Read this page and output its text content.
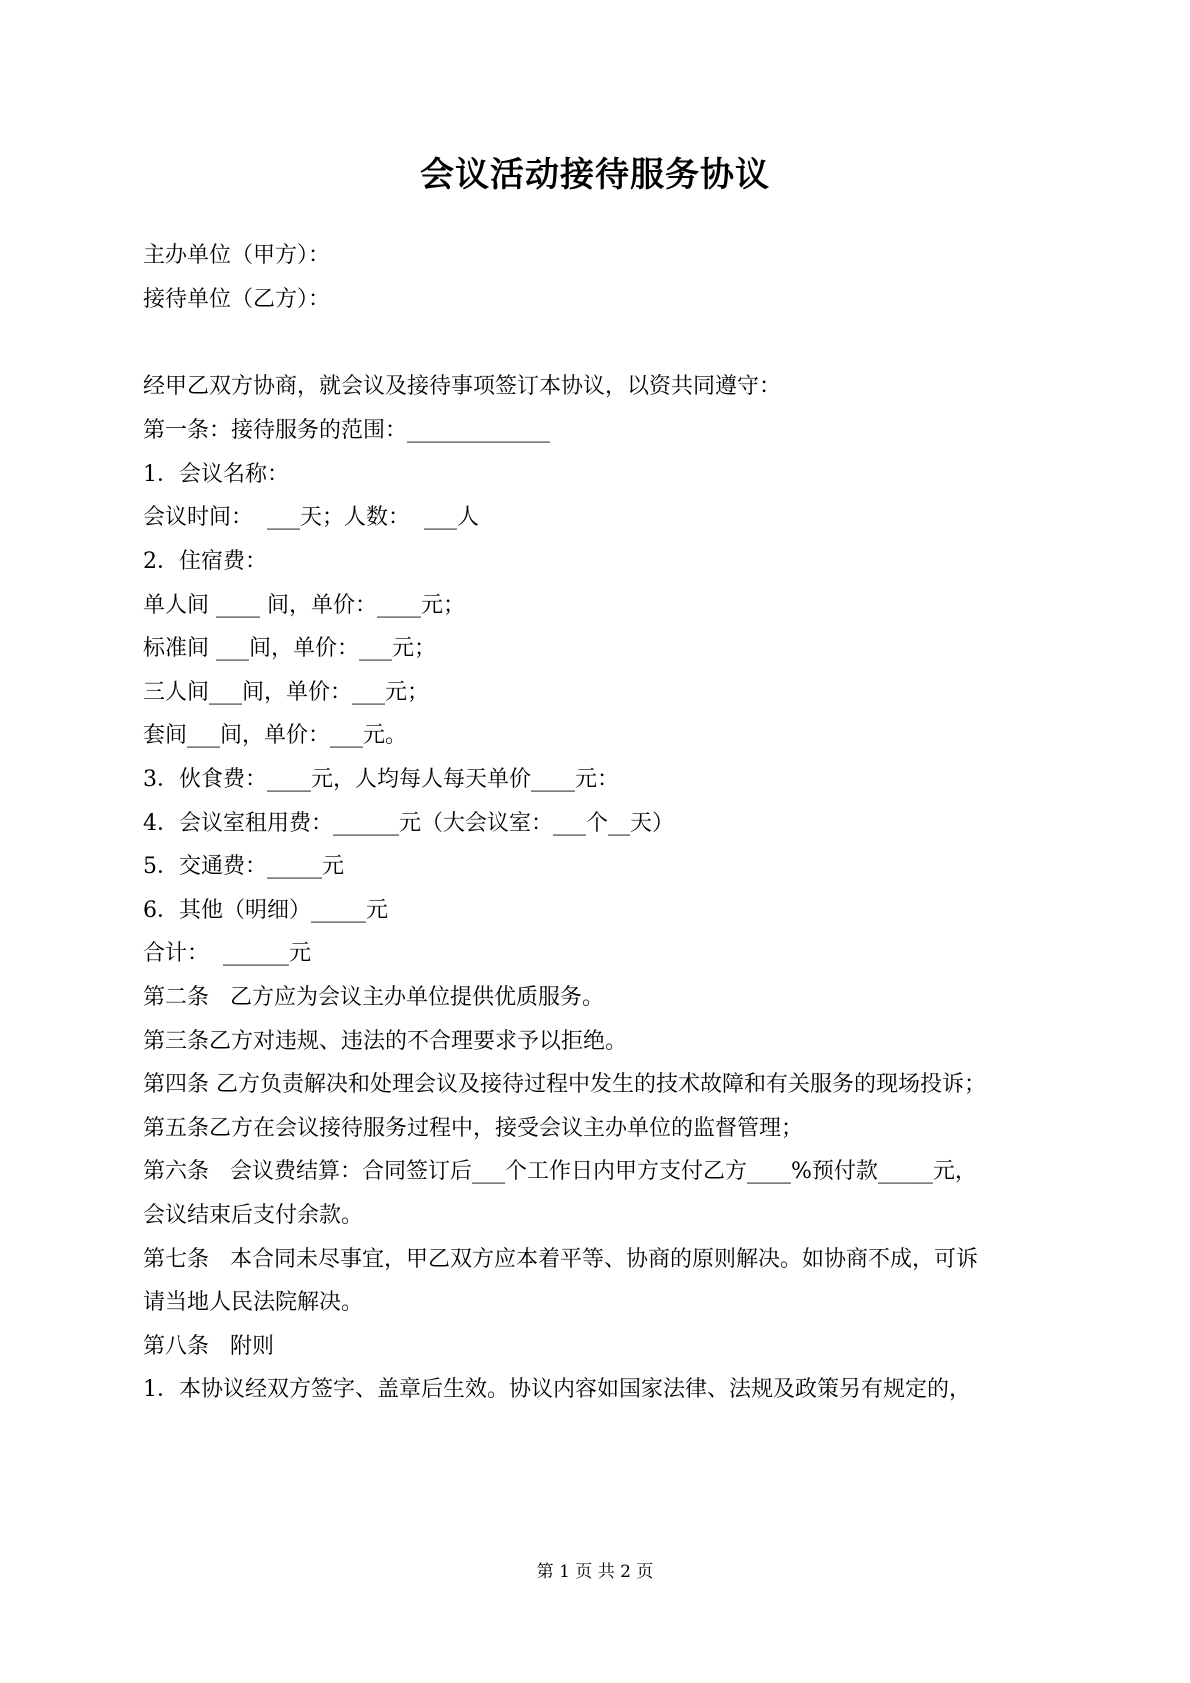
会议活动接待服务协议
主办单位（甲方）：
接待单位（乙方）：
经甲乙双方协商，就会议及接待事项签订本协议，以资共同遵守：
第一条：接待服务的范围：_____________
1．会议名称：
会议时间：  ___天；人数：  ___人
2．住宿费：
单人间 ____ 间，单价：____元；
标准间 ___间，单价：___元；
三人间___间，单价：___元；
套间___间，单价：___元。
3．伙食费：____元，人均每人每天单价____元：
4．会议室租用费：______元（大会议室：___个__天）
5．交通费：_____元
6．其他（明细）_____元
合计：  ______元
第二条   乙方应为会议主办单位提供优质服务。
第三条乙方对违规、违法的不合理要求予以拒绝。
第四条 乙方负责解决和处理会议及接待过程中发生的技术故障和有关服务的现场投诉；
第五条乙方在会议接待服务过程中，接受会议主办单位的监督管理；
第六条   会议费结算：合同签订后___个工作日内甲方支付乙方____%预付款_____元，
会议结束后支付余款。
第七条   本合同未尽事宜，甲乙双方应本着平等、协商的原则解决。如协商不成，可诉
请当地人民法院解决。
第八条   附则
1．本协议经双方签字、盖章后生效。协议内容如国家法律、法规及政策另有规定的，
第 1 页 共 2 页
